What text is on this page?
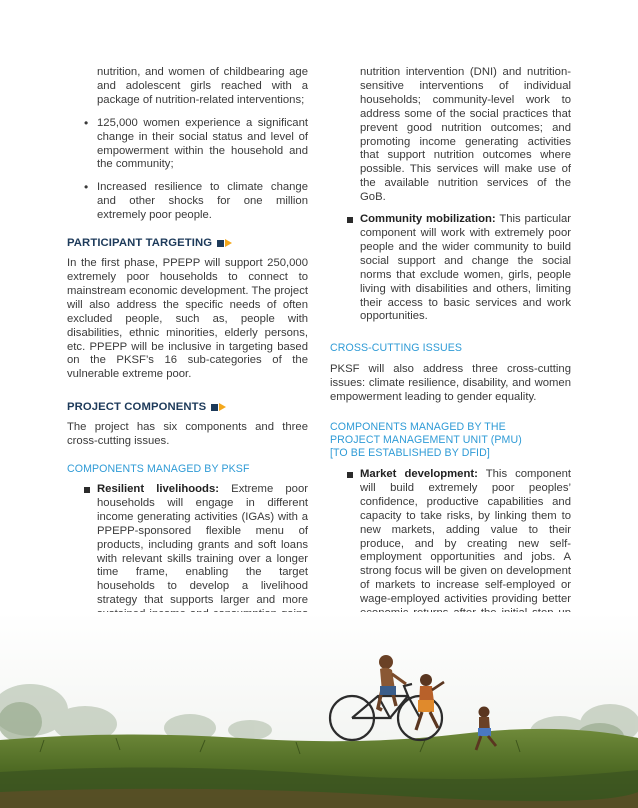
nutrition, and women of childbearing age and adolescent girls reached with a package of nutrition-related interventions;

• 125,000 women experience a significant change in their social status and level of empowerment within the household and the community;
• Increased resilience to climate change and other shocks for one million extremely poor people.
PARTICIPANT TARGETING

In the first phase, PPEPP will support 250,000 extremely poor households to connect to mainstream economic development. The project will also address the specific needs of often excluded people, such as, people with disabilities, ethnic minorities, elderly persons, etc. PPEPP will be inclusive in targeting based on the PKSF’s 16 sub-categories of the vulnerable extreme poor.

PROJECT COMPONENTS

The project has six components and three cross-cutting issues.

COMPONENTS MANAGED BY PKSF

Resilient livelihoods: Extreme poor households will engage in different income generating activities (IGAs) with a PPEPP-sponsored flexible menu of products, including grants and soft loans with relevant skills training over a longer time frame, enabling the target households to develop a livelihood strategy that supports larger and more

nutrition intervention (DNI) and nutrition-sensitive interventions of individual households; community-level work to address some of the social practices that prevent good nutrition outcomes; and promoting income generating activities that support nutrition outcomes where possible. This services will make use of the available nutrition services of the GoB.

Community mobilization: This particular component will work with extremely poor people and the wider community to build social support and change the social norms that exclude women, girls, people living with disabilities and others, limiting their access to basic services and work opportunities.

CROSS-CUTTING ISSUES

PKSF will also address three cross-cutting issues: climate resilience, disability, and women empowerment leading to gender equality.

COMPONENTS MANAGED BY THE

PROJECT MANAGEMENT UNIT (PMU)

[TO BE ESTABLISHED BY DFID]

Market development: This component will build extremely poor peoples’ confidence, productive capabilities and capacity to take risks, by linking them to new markets, adding value to their produce, and by creating new self-employment opportunities and jobs. A strong focus will be given on development of markets to increase self-employed or wage-employed activities providing better
